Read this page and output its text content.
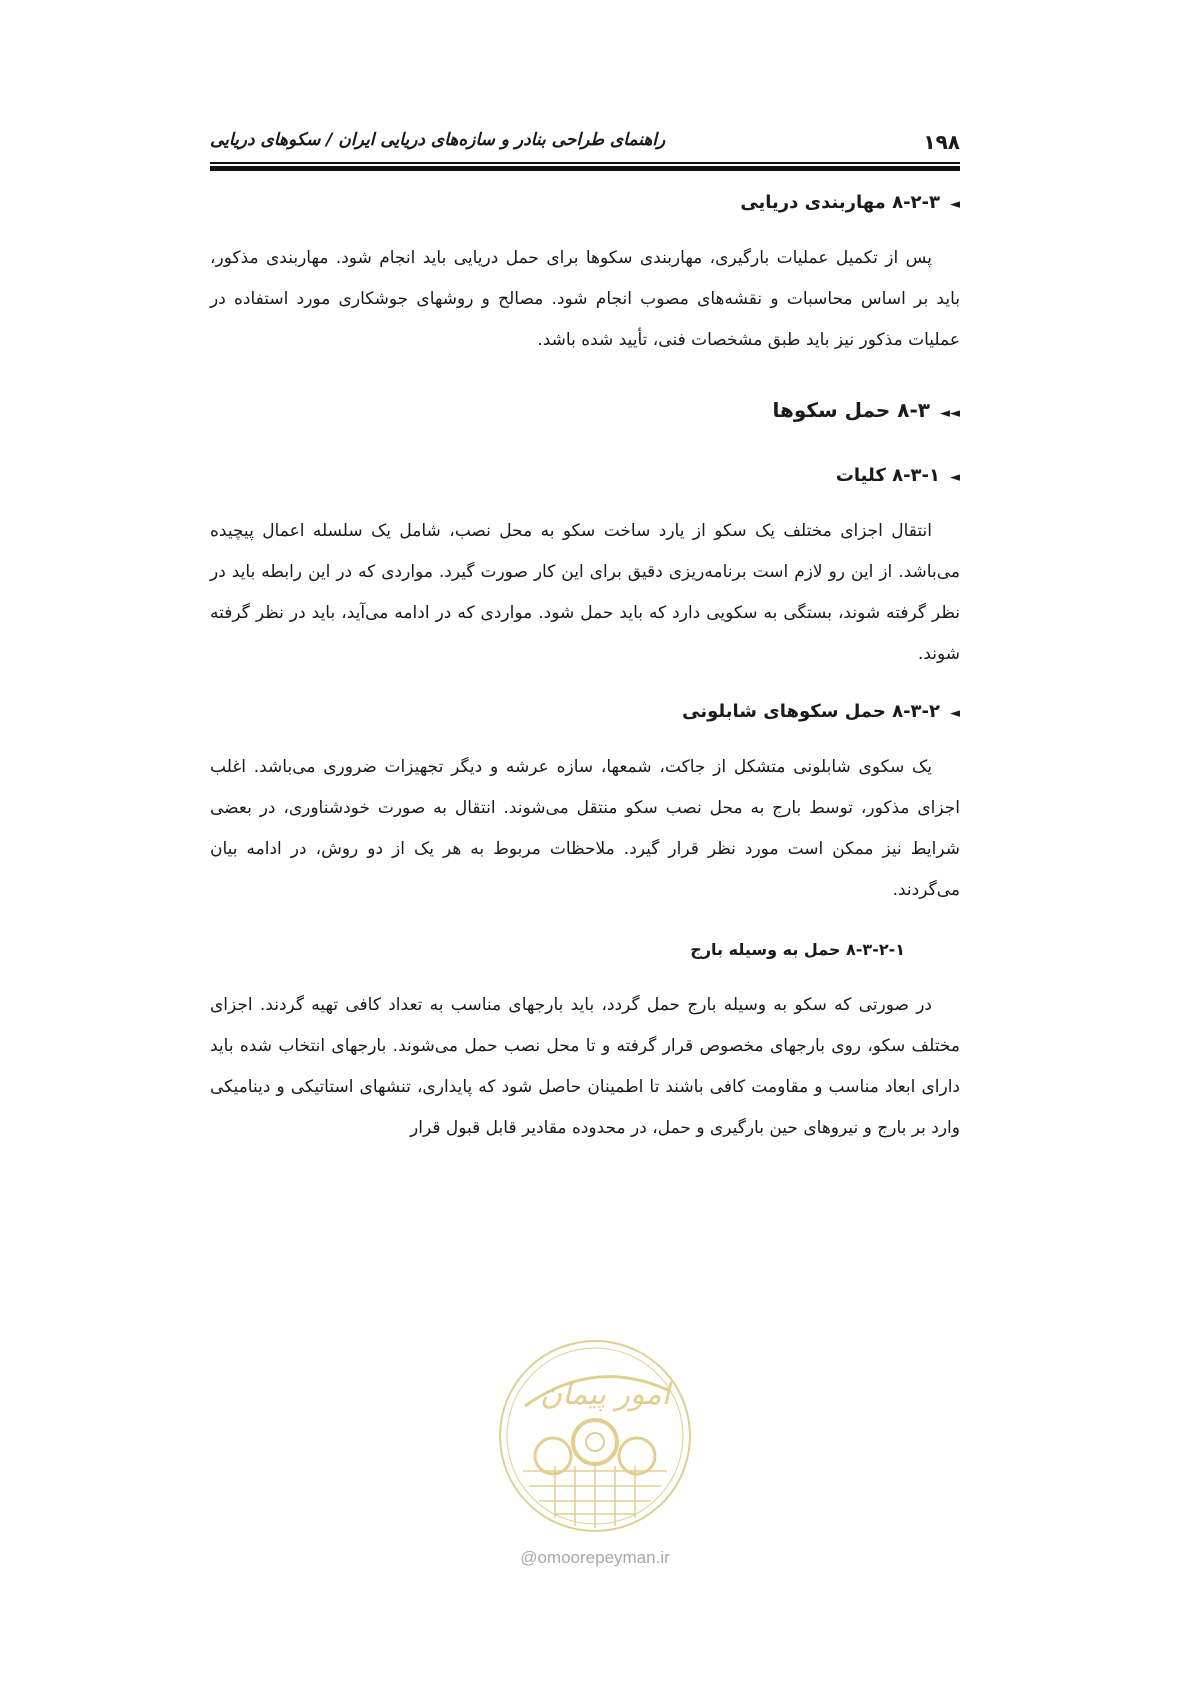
۱۹۸
راهنمای طراحی بنادر و سازه‌های دریایی ایران / سکوهای دریایی
◄۸-۲-۳ مهاربندی دریایی

پس از تکمیل عملیات بارگیری، مهاربندی سکوها برای حمل دریایی باید انجام شود. مهاربندی مذکور، باید بر اساس محاسبات و نقشه‌های مصوب انجام شود. مصالح و روشهای جوشکاری مورد استفاده در عملیات مذکور نیز باید طبق مشخصات فنی، تأیید شده باشد.

◄◄۸-۳ حمل سکوها
◄۸-۳-۱ کلیات

انتقال اجزای مختلف یک سکو از یارد ساخت سکو به محل نصب، شامل یک سلسله اعمال پیچیده می‌باشد. از این رو لازم است برنامه‌ریزی دقیق برای این کار صورت گیرد. مواردی که در این رابطه باید در نظر گرفته شوند، بستگی به سکویی دارد که باید حمل شود. مواردی که در ادامه می‌آید، باید در نظر گرفته شوند.

◄۸-۳-۲ حمل سکوهای شابلونی

یک سکوی شابلونی متشکل از جاکت، شمعها، سازه عرشه و دیگر تجهیزات ضروری می‌باشد. اغلب اجزای مذکور، توسط بارج به محل نصب سکو منتقل می‌شوند. انتقال به صورت خودشناوری، در بعضی شرایط نیز ممکن است مورد نظر قرار گیرد. ملاحظات مربوط به هر یک از دو روش، در ادامه بیان می‌گردند.

۸-۳-۲-۱ حمل به وسیله بارج

در صورتی که سکو به وسیله بارج حمل گردد، باید بارجهای مناسب به تعداد کافی تهیه گردند. اجزای مختلف سکو، روی بارجهای مخصوص قرار گرفته و تا محل نصب حمل می‌شوند. بارجهای انتخاب شده باید دارای ابعاد مناسب و مقاومت کافی باشند تا اطمینان حاصل شود که پایداری، تنشهای استاتیکی و دینامیکی وارد بر بارج و نیروهای حین بارگیری و حمل، در محدوده مقادیر قابل قبول قرار

امور پیمان
@omoorepeyman.ir
